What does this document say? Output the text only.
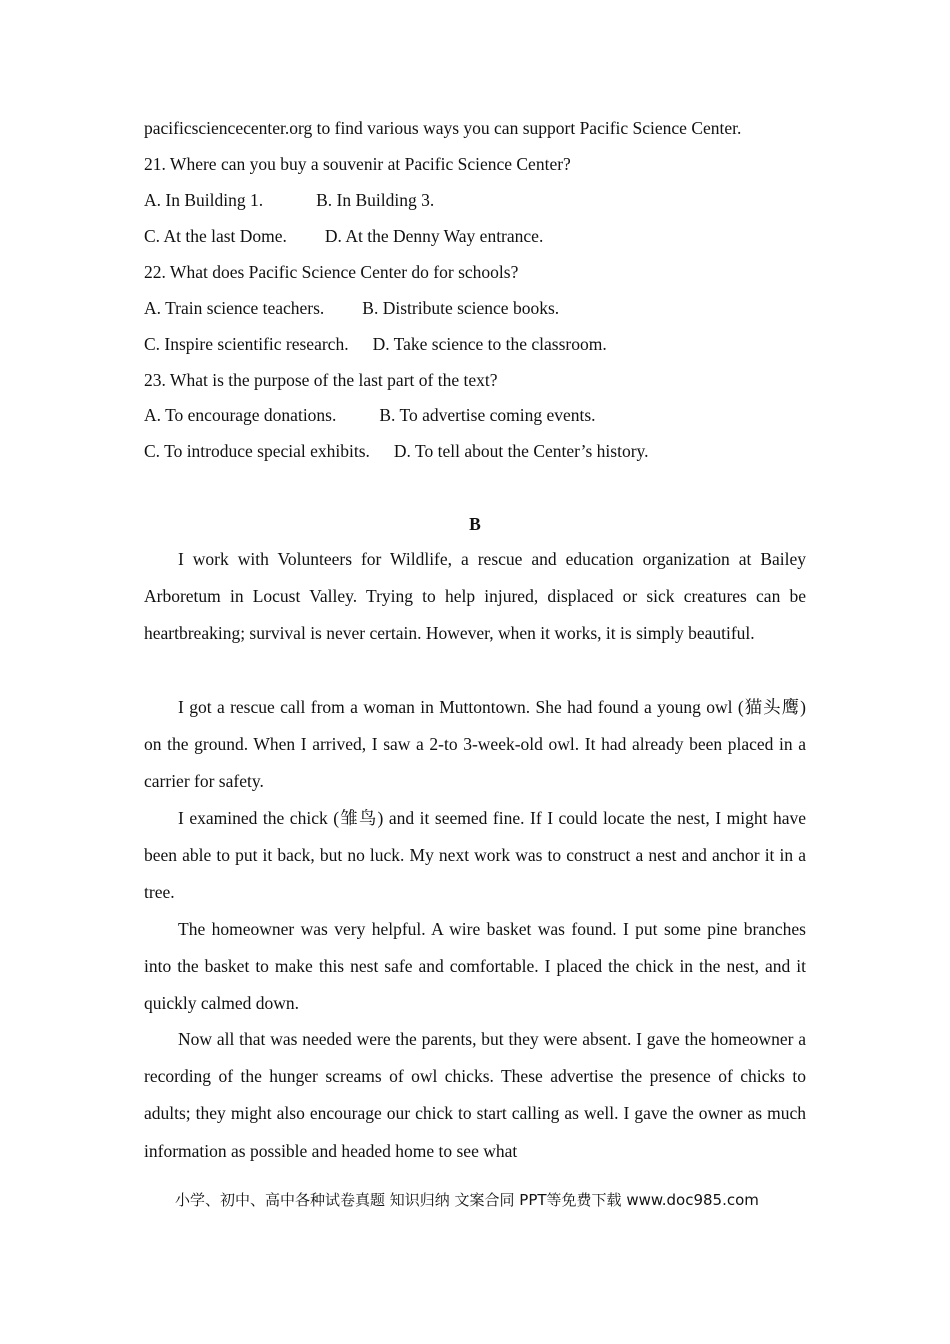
pacificsciencecenter.org to find various ways you can support Pacific Science Center.
21. Where can you buy a souvenir at Pacific Science Center?
A. In Building 1.	B. In Building 3.
C. At the last Dome. D. At the Denny Way entrance.
22. What does Pacific Science Center do for schools?
A. Train science teachers. B. Distribute science books.
C. Inspire scientific research. D. Take science to the classroom.
23. What is the purpose of the last part of the text?
A. To encourage donations. B. To advertise coming events.
C. To introduce special exhibits. D. To tell about the Center’s history.
B

I work with Volunteers for Wildlife, a rescue and education organization at Bailey Arboretum in Locust Valley. Trying to help injured, displaced or sick creatures can be heartbreaking; survival is never certain. However, when it works, it is simply beautiful.

I got a rescue call from a woman in Muttontown. She had found a young owl (猫头鹰) on the ground. When I arrived, I saw a 2-to 3-week-old owl. It had already been placed in a carrier for safety.

I examined the chick (雏鸟) and it seemed fine. If I could locate the nest, I might have been able to put it back, but no luck. My next work was to construct a nest and anchor it in a tree.

The homeowner was very helpful. A wire basket was found. I put some pine branches into the basket to make this nest safe and comfortable. I placed the chick in the nest, and it quickly calmed down.

Now all that was needed were the parents, but they were absent. I gave the homeowner a recording of the hunger screams of owl chicks. These advertise the presence of chicks to adults; they might also encourage our chick to start calling as well. I gave the owner as much information as possible and headed home to see what

小学、初中、高中各种试卷真题 知识归纳 文案合同 PPT等免费下载 www.doc985.com
